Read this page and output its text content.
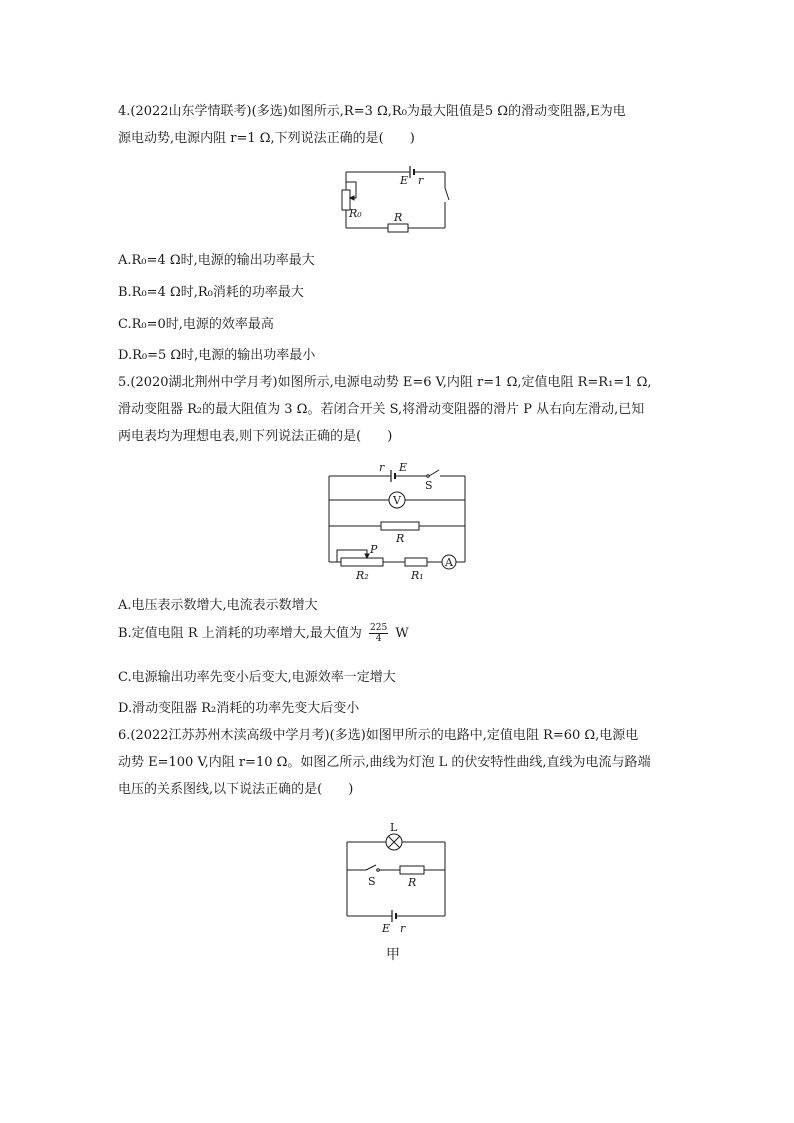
4.(2022山东学情联考)(多选)如图所示,R=3 Ω,R₀为最大阻值是5 Ω的滑动变阻器,E为电
源电动势,电源内阻 r=1 Ω,下列说法正确的是(　　)
E r
R₀	R
A.R₀=4 Ω时,电源的输出功率最大
B.R₀=4 Ω时,R₀消耗的功率最大
C.R₀=0时,电源的效率最高
D.R₀=5 Ω时,电源的输出功率最小
5.(2020湖北荆州中学月考)如图所示,电源电动势 E=6 V,内阻 r=1 Ω,定值电阻 R=R₁=1 Ω,
滑动变阻器 R₂的最大阻值为 3 Ω。若闭合开关 S,将滑动变阻器的滑片 P 从右向左滑动,已知
两电表均为理想电表,则下列说法正确的是(　　)
r E
S
V
R
P
R₂	R₁
A
A.电压表示数增大,电流表示数增大
B.定值电阻 R 上消耗的功率增大,最大值为 $\frac{225}{4}$ W
C.电源输出功率先变小后变大,电源效率一定增大
D.滑动变阻器 R₂消耗的功率先变大后变小
6.(2022江苏苏州木渎高级中学月考)(多选)如图甲所示的电路中,定值电阻 R=60 Ω,电源电
动势 E=100 V,内阻 r=10 Ω。如图乙所示,曲线为灯泡 L 的伏安特性曲线,直线为电流与路端
电压的关系图线,以下说法正确的是(　　)
L
S	R
E r
甲
